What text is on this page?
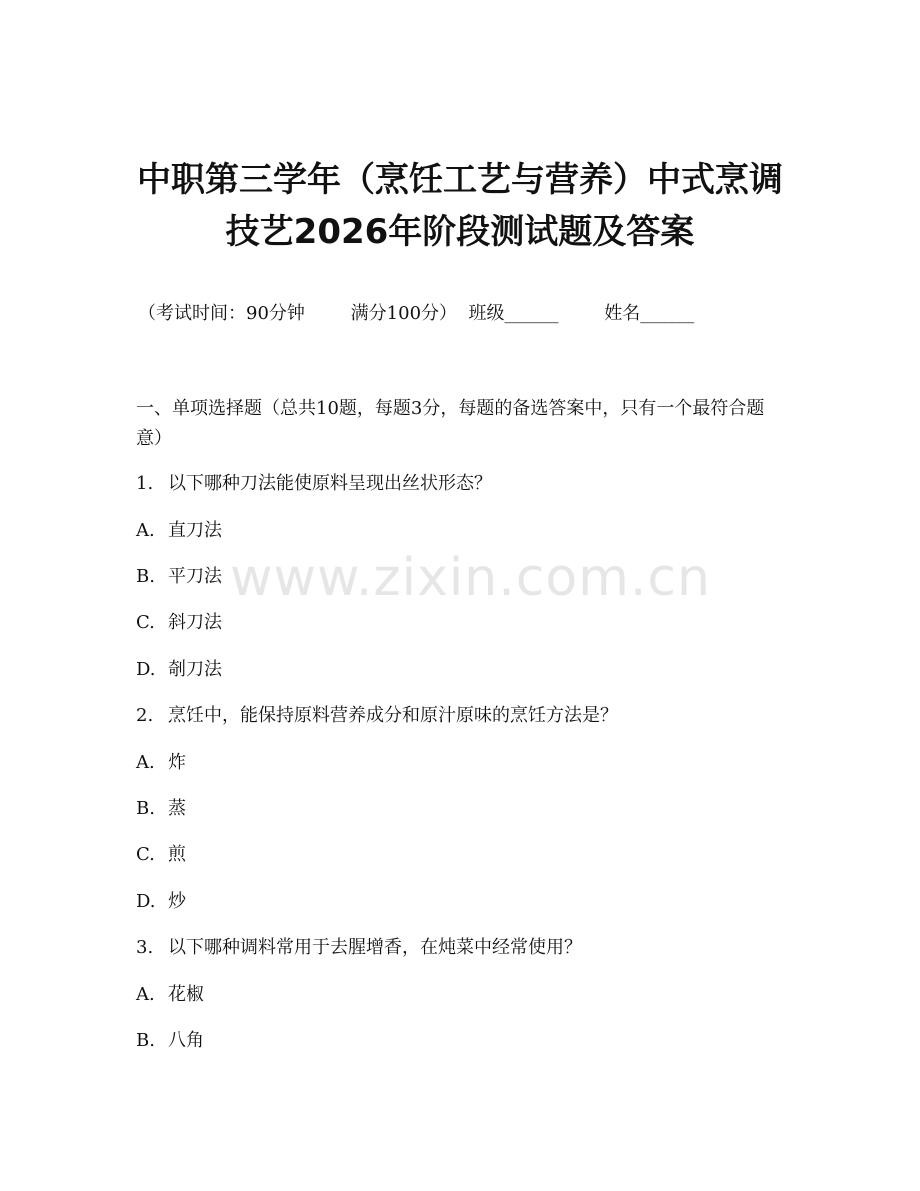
中职第三学年（烹饪工艺与营养）中式烹调
技艺2026年阶段测试题及答案
（考试时间：90分钟        满分100分） 班级______	姓名______
一、单项选择题（总共10题，每题3分，每题的备选答案中，只有一个最符合题意）
1. 以下哪种刀法能使原料呈现出丝状形态？
A. 直刀法
B. 平刀法
C. 斜刀法
D. 剞刀法
2. 烹饪中，能保持原料营养成分和原汁原味的烹饪方法是？
A. 炸
B. 蒸
C. 煎
D. 炒
3. 以下哪种调料常用于去腥增香，在炖菜中经常使用？
A. 花椒
B. 八角
www.zixin.com.cn
